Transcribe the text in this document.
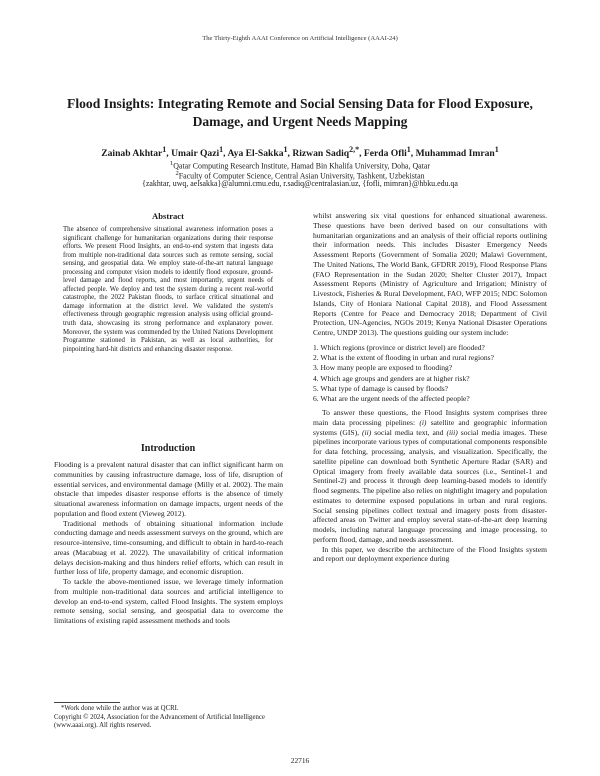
The Thirty-Eighth AAAI Conference on Artificial Intelligence (AAAI-24)
Flood Insights: Integrating Remote and Social Sensing Data for Flood Exposure,
Damage, and Urgent Needs Mapping
Zainab Akhtar$^1$, Umair Qazi$^1$, Aya El-Sakka$^1$, Rizwan Sadiq$^{2,*}$, Ferda Ofli$^1$, Muhammad Imran$^1$
$^1$Qatar Computing Research Institute, Hamad Bin Khalifa University, Doha, Qatar
$^2$Faculty of Computer Science, Central Asian University, Tashkent, Uzbekistan
{zakhtar, uwq, aelsakka}@alumni.cmu.edu, r.sadiq@centralasian.uz, {fofli, mimran}@hbku.edu.qa
Abstract
The absence of comprehensive situational awareness information poses a significant challenge for humanitarian organizations during their response efforts. We present Flood Insights, an end-to-end system that ingests data from multiple non-traditional data sources such as remote sensing, social sensing, and geospatial data. We employ state-of-the-art natural language processing and computer vision models to identify flood exposure, ground-level damage and flood reports, and most importantly, urgent needs of affected people. We deploy and test the system during a recent real-world catastrophe, the 2022 Pakistan floods, to surface critical situational and damage information at the district level. We validated the system's effectiveness through geographic regression analysis using official ground-truth data, showcasing its strong performance and explanatory power. Moreover, the system was commended by the United Nations Development Programme stationed in Pakistan, as well as local authorities, for pinpointing hard-hit districts and enhancing disaster response.
Introduction

Flooding is a prevalent natural disaster that can inflict significant harm on communities by causing infrastructure damage, loss of life, disruption of essential services, and environmental damage (Milly et al. 2002). The main obstacle that impedes disaster response efforts is the absence of timely situational awareness information on damage impacts, urgent needs of the population and flood extent (Vieweg 2012).

Traditional methods of obtaining situational information include conducting damage and needs assessment surveys on the ground, which are resource-intensive, time-consuming, and difficult to obtain in hard-to-reach areas (Macabuag et al. 2022). The unavailability of critical information delays decision-making and thus hinders relief efforts, which can result in further loss of life, property damage, and economic disruption.

To tackle the above-mentioned issue, we leverage timely information from multiple non-traditional data sources and artificial intelligence to develop an end-to-end system, called Flood Insights. The system employs remote sensing, social sensing, and geospatial data to overcome the limitations of existing rapid assessment methods and tools

*Work done while the author was at QCRI.
Copyright © 2024, Association for the Advancement of Artificial Intelligence (www.aaai.org). All rights reserved.

whilst answering six vital questions for enhanced situational awareness. These questions have been derived based on our consultations with humanitarian organizations and an analysis of their official reports outlining their information needs. This includes Disaster Emergency Needs Assessment Reports (Government of Somalia 2020; Malawi Government, The United Nations, The World Bank, GFDRR 2019), Flood Response Plans (FAO Representation in the Sudan 2020; Shelter Cluster 2017), Impact Assessment Reports (Ministry of Agriculture and Irrigation; Ministry of Livestock, Fisheries & Rural Development, FAO, WFP 2015; NDC Solomon Islands, City of Honiara National Capital 2018), and Flood Assessment Reports (Centre for Peace and Democracy 2018; Department of Civil Protection, UN-Agencies, NGOs 2019; Kenya National Disaster Operations Centre, UNDP 2013). The questions guiding our system include:

1. Which regions (province or district level) are flooded?
2. What is the extent of flooding in urban and rural regions?
3. How many people are exposed to flooding?
4. Which age groups and genders are at higher risk?
5. What type of damage is caused by floods?
6. What are the urgent needs of the affected people?

To answer these questions, the Flood Insights system comprises three main data processing pipelines: (i) satellite and geographic information systems (GIS), (ii) social media text, and (iii) social media images. These pipelines incorporate various types of computational components responsible for data fetching, processing, analysis, and visualization. Specifically, the satellite pipeline can download both Synthetic Aperture Radar (SAR) and Optical imagery from freely available data sources (i.e., Sentinel-1 and Sentinel-2) and process it through deep learning-based models to identify flood segments. The pipeline also relies on nightlight imagery and population estimates to determine exposed populations in urban and rural regions. Social sensing pipelines collect textual and imagery posts from disaster-affected areas on Twitter and employ several state-of-the-art deep learning models, including natural language processing and image processing, to perform flood, damage, and needs assessment.

In this paper, we describe the architecture of the Flood Insights system and report our deployment experience during

22716
